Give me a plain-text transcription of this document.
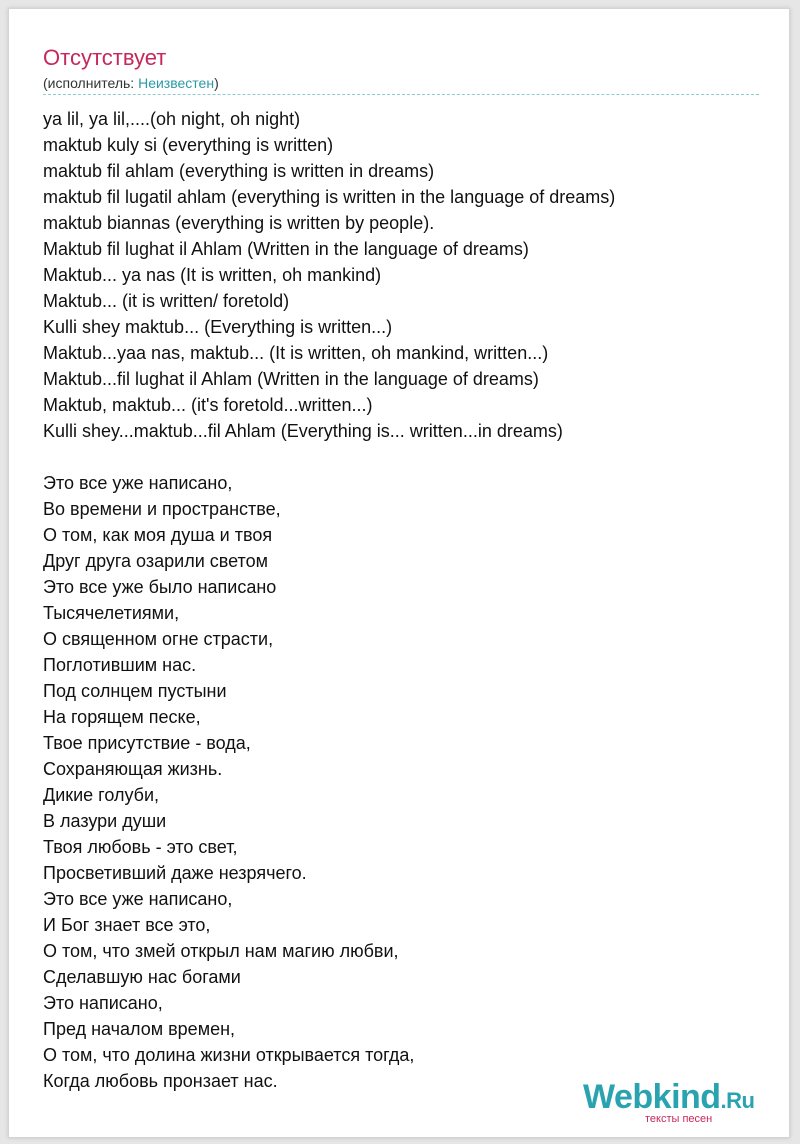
Отсутствует
(исполнитель: Неизвестен)
ya lil, ya lil,....(oh night, oh night)
maktub kuly si (everything is written)
maktub fil ahlam (everything is written in dreams)
maktub fil lugatil ahlam (everything is written in the language of dreams)
maktub biannas (everything is written by people).
Maktub fil lughat il Ahlam (Written in the language of dreams)
Maktub... ya nas (It is written, oh mankind)
Maktub... (it is written/ foretold)
Kulli shey maktub... (Everything is written...)
Maktub...yaa nas, maktub... (It is written, oh mankind, written...)
Maktub...fil lughat il Ahlam (Written in the language of dreams)
Maktub, maktub... (it's foretold...written...)
Kulli shey...maktub...fil Ahlam (Everything is... written...in dreams)
Это все уже написано,
Во времени и пространстве,
О том, как моя душа и твоя
Друг друга озарили светом
Это все уже было написано
Тысячелетиями,
О священном огне страсти,
Поглотившим нас.
Под солнцем пустыни
На горящем песке,
Твое присутствие - вода,
Сохраняющая жизнь.
Дикие голуби,
В лазури души
Твоя любовь - это свет,
Просветивший даже незрячего.
Это все уже написано,
И Бог знает все это,
О том, что змей открыл нам магию любви,
Сделавшую нас богами
Это написано,
Пред началом времен,
О том, что долина жизни открывается тогда,
Когда любовь пронзает нас.	Webkind.Ru
тексты песен
